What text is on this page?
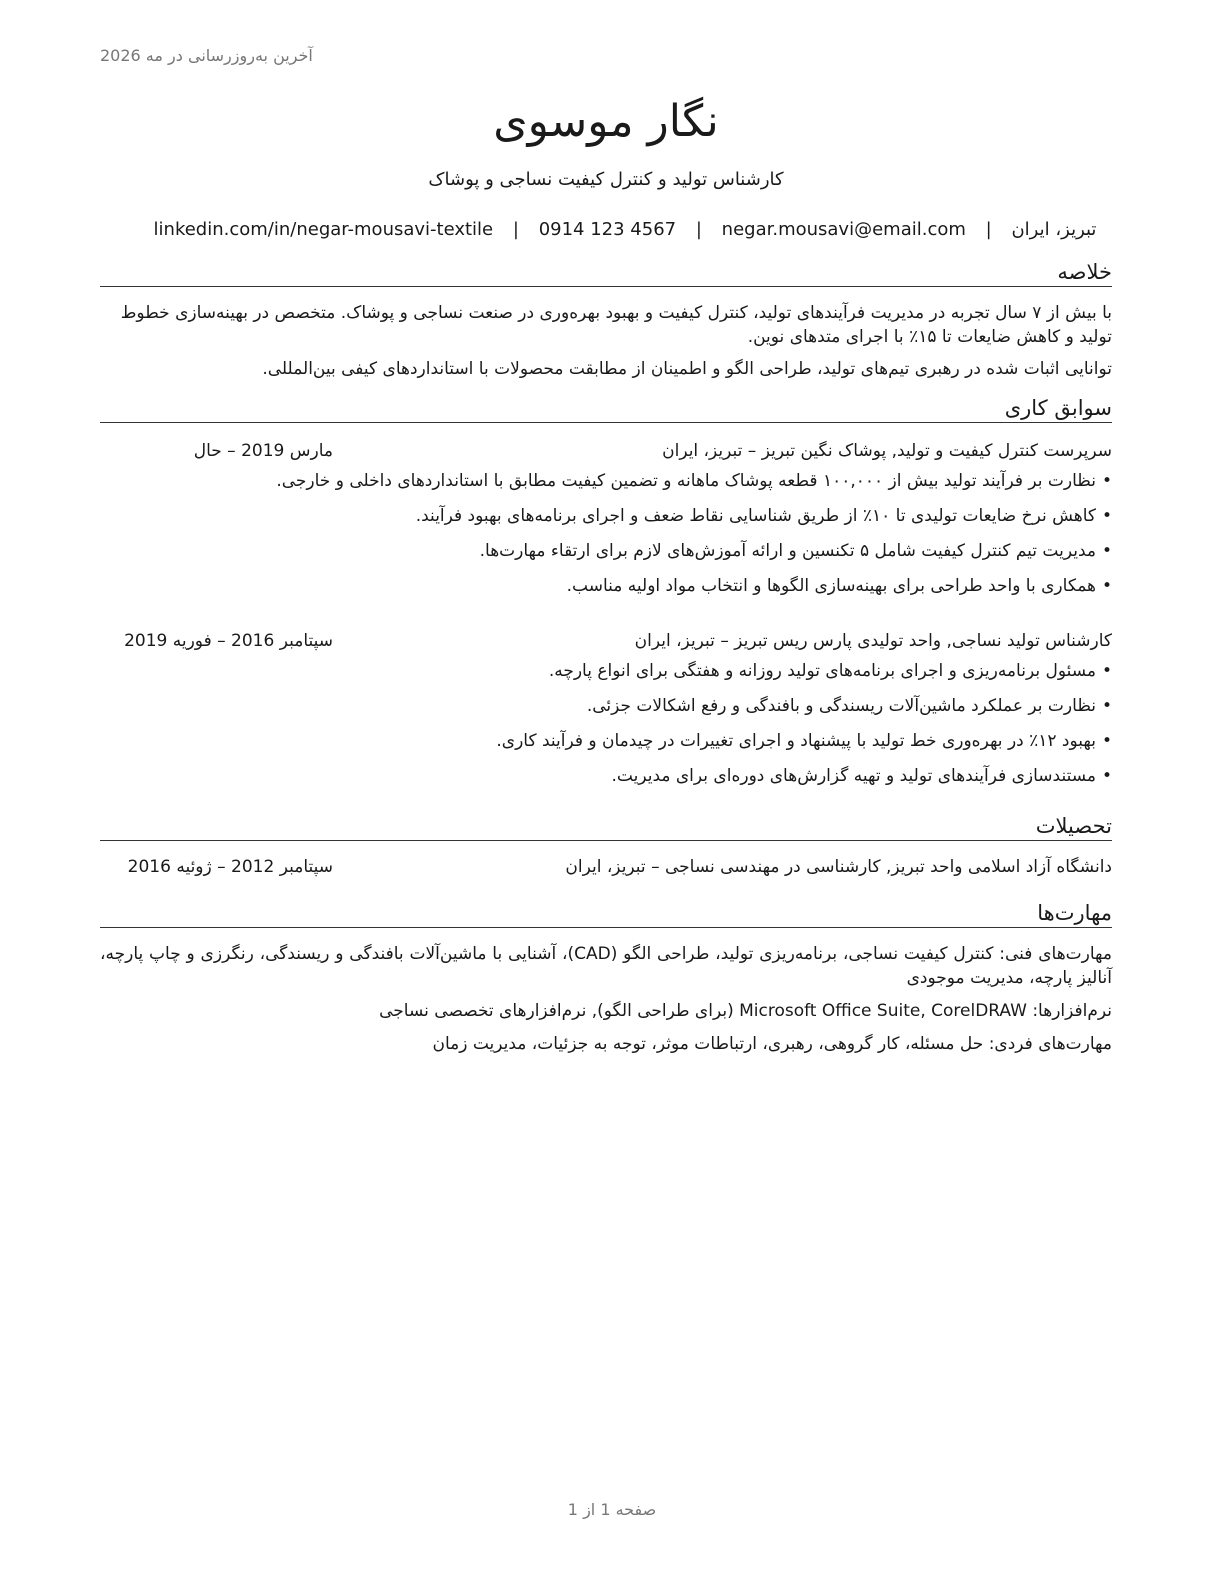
آخرین به‌روزرسانی در مه 2026
نگار موسوی
کارشناس تولید و کنترل کیفیت نساجی و پوشاک
تبریز، ایران | negar.mousavi@email.com | 0914 123 4567 | linkedin.com/in/negar-mousavi-textile
خلاصه

با بیش از ۷ سال تجربه در مدیریت فرآیندهای تولید، کنترل کیفیت و بهبود بهره‌وری در صنعت نساجی و پوشاک. متخصص در بهینه‌سازی خطوط تولید و کاهش ضایعات تا ۱۵٪ با اجرای متدهای نوین.

توانایی اثبات شده در رهبری تیم‌های تولید، طراحی الگو و اطمینان از مطابقت محصولات با استانداردهای کیفی بین‌المللی.

سوابق کاری
سرپرست کنترل کیفیت و تولید, پوشاک نگین تبریز – تبریز، ایران
مارس 2019 – حال
• نظارت بر فرآیند تولید بیش از ۱۰۰,۰۰۰ قطعه پوشاک ماهانه و تضمین کیفیت مطابق با استانداردهای داخلی و خارجی.
• کاهش نرخ ضایعات تولیدی تا ۱۰٪ از طریق شناسایی نقاط ضعف و اجرای برنامه‌های بهبود فرآیند.
• مدیریت تیم کنترل کیفیت شامل ۵ تکنسین و ارائه آموزش‌های لازم برای ارتقاء مهارت‌ها.
• همکاری با واحد طراحی برای بهینه‌سازی الگوها و انتخاب مواد اولیه مناسب.
کارشناس تولید نساجی, واحد تولیدی پارس ریس تبریز – تبریز، ایران
سپتامبر 2016 – فوریه 2019
• مسئول برنامه‌ریزی و اجرای برنامه‌های تولید روزانه و هفتگی برای انواع پارچه.
• نظارت بر عملکرد ماشین‌آلات ریسندگی و بافندگی و رفع اشکالات جزئی.
• بهبود ۱۲٪ در بهره‌وری خط تولید با پیشنهاد و اجرای تغییرات در چیدمان و فرآیند کاری.
• مستندسازی فرآیندهای تولید و تهیه گزارش‌های دوره‌ای برای مدیریت.
تحصیلات
دانشگاه آزاد اسلامی واحد تبریز, کارشناسی در مهندسی نساجی – تبریز، ایران
سپتامبر 2012 – ژوئیه 2016
مهارت‌ها

مهارت‌های فنی: کنترل کیفیت نساجی، برنامه‌ریزی تولید، طراحی الگو (CAD)، آشنایی با ماشین‌آلات بافندگی و ریسندگی، رنگرزی و چاپ پارچه، آنالیز پارچه، مدیریت موجودی

نرم‌افزارها: Microsoft Office Suite, CorelDRAW (برای طراحی الگو), نرم‌افزارهای تخصصی نساجی

مهارت‌های فردی: حل مسئله، کار گروهی، رهبری، ارتباطات موثر، توجه به جزئیات، مدیریت زمان

صفحه 1 از 1
